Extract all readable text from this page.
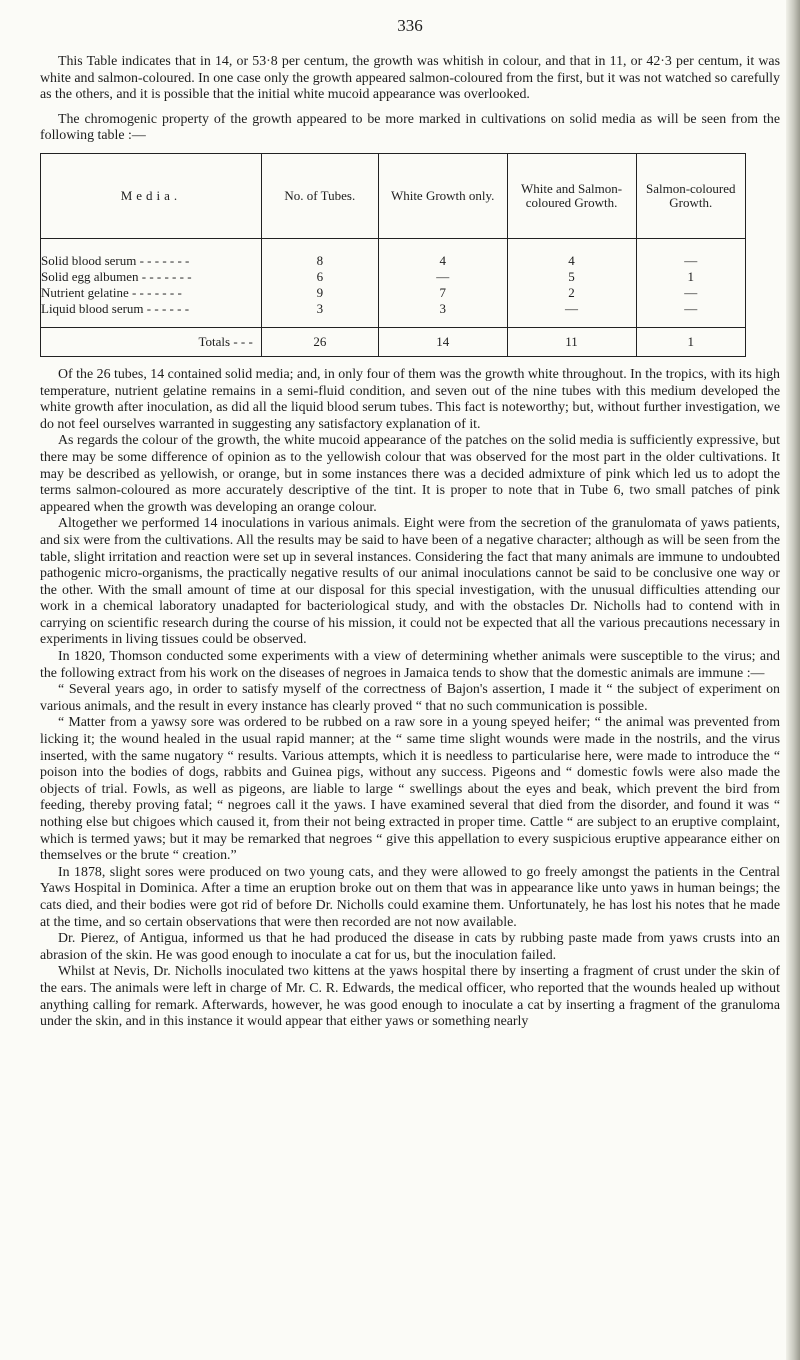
336

This Table indicates that in 14, or 53·8 per centum, the growth was whitish in colour, and that in 11, or 42·3 per centum, it was white and salmon-coloured. In one case only the growth appeared salmon-coloured from the first, but it was not watched so carefully as the others, and it is possible that the initial white mucoid appearance was overlooked.

The chromogenic property of the growth appeared to be more marked in cultivations on solid media as will be seen from the following table :—

Media.	No. of Tubes.	White Growth only.	White and Salmon-coloured Growth.	Salmon-coloured Growth.
Solid blood serum - - - - - - -	8	4	4	—
Solid egg albumen - - - - - - -	6	—	5	1
Nutrient gelatine - - - - - - -	9	7	2	—
Liquid blood serum - - - - - -	3	3	—	—
Totals - - -	26	14	11	1

Of the 26 tubes, 14 contained solid media; and, in only four of them was the growth white throughout. In the tropics, with its high temperature, nutrient gelatine remains in a semi-fluid condition, and seven out of the nine tubes with this medium developed the white growth after inoculation, as did all the liquid blood serum tubes. This fact is noteworthy; but, without further investigation, we do not feel ourselves warranted in suggesting any satisfactory explanation of it.

As regards the colour of the growth, the white mucoid appearance of the patches on the solid media is sufficiently expressive, but there may be some difference of opinion as to the yellowish colour that was observed for the most part in the older cultivations. It may be described as yellowish, or orange, but in some instances there was a decided admixture of pink which led us to adopt the terms salmon-coloured as more accurately descriptive of the tint. It is proper to note that in Tube 6, two small patches of pink appeared when the growth was developing an orange colour.

Altogether we performed 14 inoculations in various animals. Eight were from the secretion of the granulomata of yaws patients, and six were from the cultivations. All the results may be said to have been of a negative character; although as will be seen from the table, slight irritation and reaction were set up in several instances. Considering the fact that many animals are immune to undoubted pathogenic micro-organisms, the practically negative results of our animal inoculations cannot be said to be conclusive one way or the other. With the small amount of time at our disposal for this special investigation, with the unusual difficulties attending our work in a chemical laboratory unadapted for bacteriological study, and with the obstacles Dr. Nicholls had to contend with in carrying on scientific research during the course of his mission, it could not be expected that all the various precautions necessary in experiments in living tissues could be observed.

In 1820, Thomson conducted some experiments with a view of determining whether animals were susceptible to the virus; and the following extract from his work on the diseases of negroes in Jamaica tends to show that the domestic animals are immune :—

“ Several years ago, in order to satisfy myself of the correctness of Bajon's assertion, I made it “ the subject of experiment on various animals, and the result in every instance has clearly proved “ that no such communication is possible.

“ Matter from a yawsy sore was ordered to be rubbed on a raw sore in a young speyed heifer; “ the animal was prevented from licking it; the wound healed in the usual rapid manner; at the “ same time slight wounds were made in the nostrils, and the virus inserted, with the same nugatory “ results. Various attempts, which it is needless to particularise here, were made to introduce the “ poison into the bodies of dogs, rabbits and Guinea pigs, without any success. Pigeons and “ domestic fowls were also made the objects of trial. Fowls, as well as pigeons, are liable to large “ swellings about the eyes and beak, which prevent the bird from feeding, thereby proving fatal; “ negroes call it the yaws. I have examined several that died from the disorder, and found it was “ nothing else but chigoes which caused it, from their not being extracted in proper time. Cattle “ are subject to an eruptive complaint, which is termed yaws; but it may be remarked that negroes “ give this appellation to every suspicious eruptive appearance either on themselves or the brute “ creation.”

In 1878, slight sores were produced on two young cats, and they were allowed to go freely amongst the patients in the Central Yaws Hospital in Dominica. After a time an eruption broke out on them that was in appearance like unto yaws in human beings; the cats died, and their bodies were got rid of before Dr. Nicholls could examine them. Unfortunately, he has lost his notes that he made at the time, and so certain observations that were then recorded are not now available.

Dr. Pierez, of Antigua, informed us that he had produced the disease in cats by rubbing paste made from yaws crusts into an abrasion of the skin. He was good enough to inoculate a cat for us, but the inoculation failed.

Whilst at Nevis, Dr. Nicholls inoculated two kittens at the yaws hospital there by inserting a fragment of crust under the skin of the ears. The animals were left in charge of Mr. C. R. Edwards, the medical officer, who reported that the wounds healed up without anything calling for remark. Afterwards, however, he was good enough to inoculate a cat by inserting a fragment of the granuloma under the skin, and in this instance it would appear that either yaws or something nearly
